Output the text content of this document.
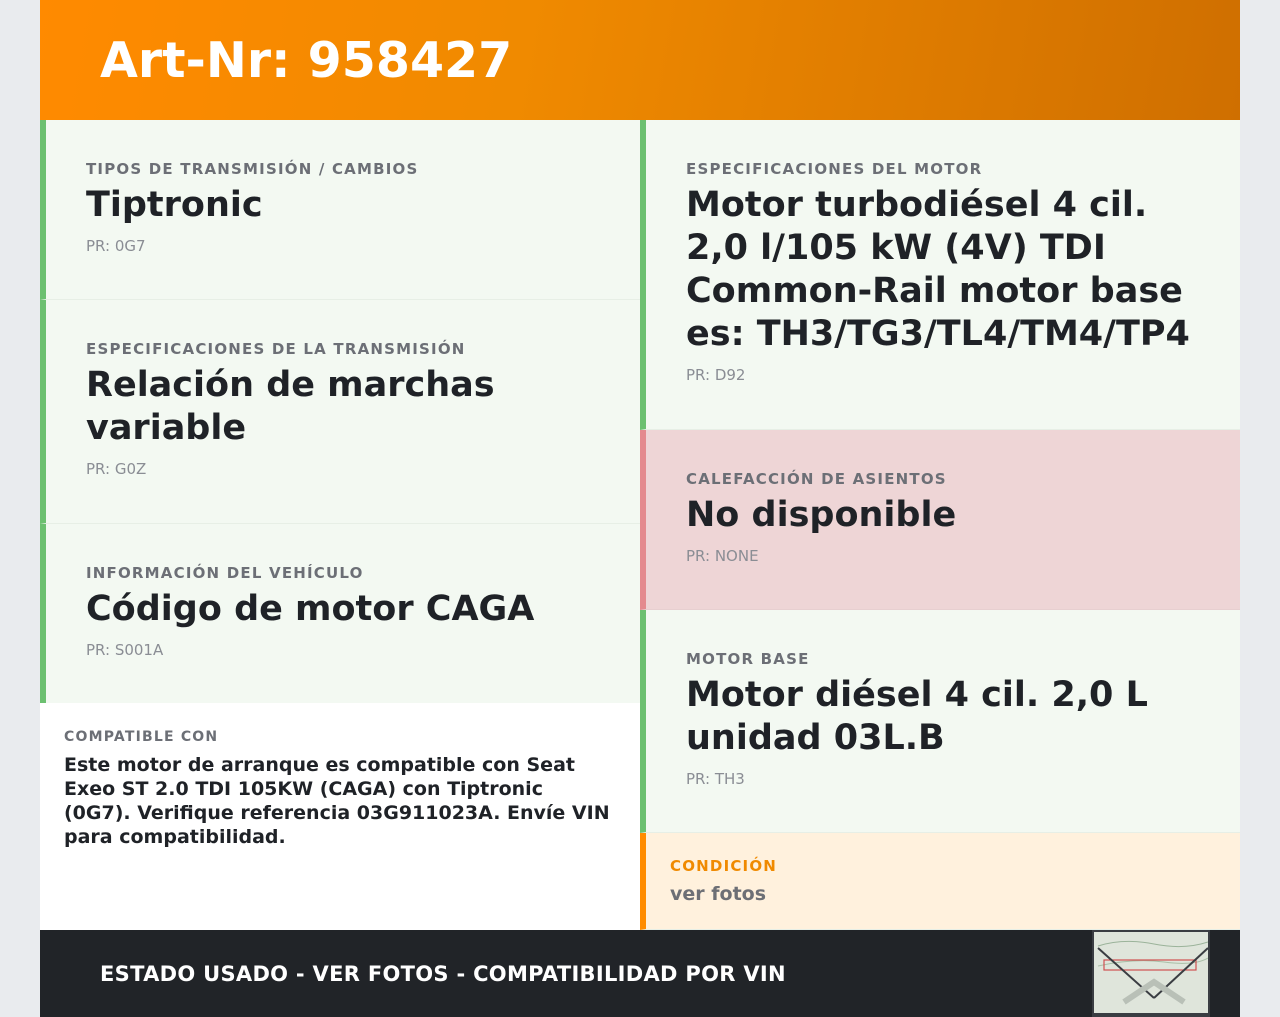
Art-Nr: 958427
TIPOS DE TRANSMISIÓN / CAMBIOS
Tiptronic
PR: 0G7
ESPECIFICACIONES DE LA TRANSMISIÓN
Relación de marchas variable
PR: G0Z
INFORMACIÓN DEL VEHÍCULO
Código de motor CAGA
PR: S001A
COMPATIBLE CON
Este motor de arranque es compatible con Seat Exeo ST 2.0 TDI 105KW (CAGA) con Tiptronic (0G7). Verifique referencia 03G911023A. Envíe VIN para compatibilidad.
ESPECIFICACIONES DEL MOTOR
Motor turbodiésel 4 cil. 2,0 l/105 kW (4V) TDI Common-Rail motor base es: TH3/TG3/TL4/TM4/TP4
PR: D92
CALEFACCIÓN DE ASIENTOS
No disponible
PR: NONE
MOTOR BASE
Motor diésel 4 cil. 2,0 L unidad 03L.B
PR: TH3
CONDICIÓN
ver fotos
ESTADO USADO - VER FOTOS - COMPATIBILIDAD POR VIN
